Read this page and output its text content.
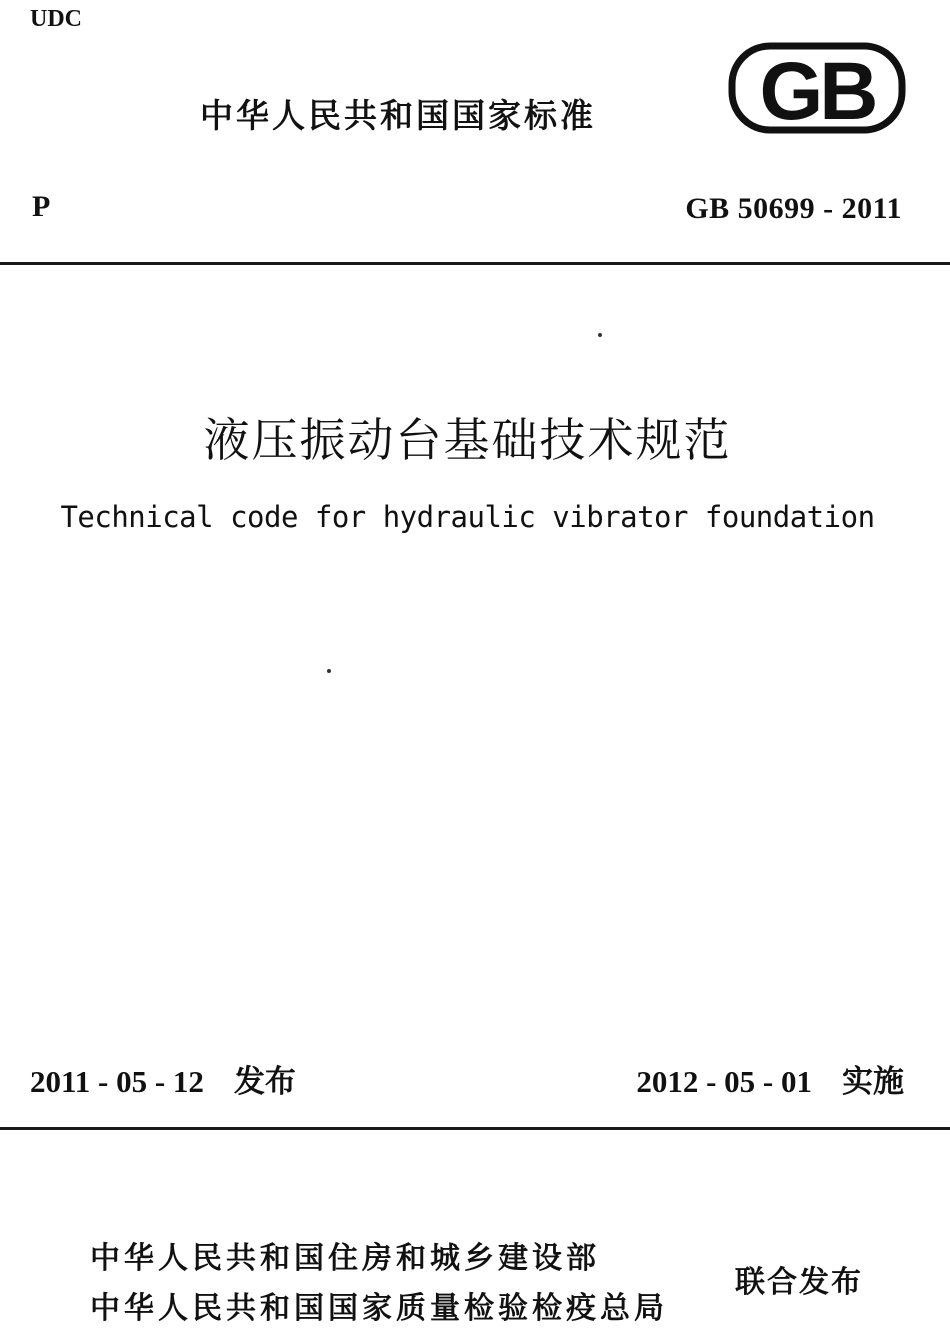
UDC
中华人民共和国国家标准 GB
P	GB 50699 - 2011
液压振动台基础技术规范
Technical code for hydraulic vibrator foundation
2011 - 05 - 12 发布	2012 - 05 - 01 实施
中华人民共和国住房和城乡建设部
中华人民共和国国家质量检验检疫总局
联合发布
